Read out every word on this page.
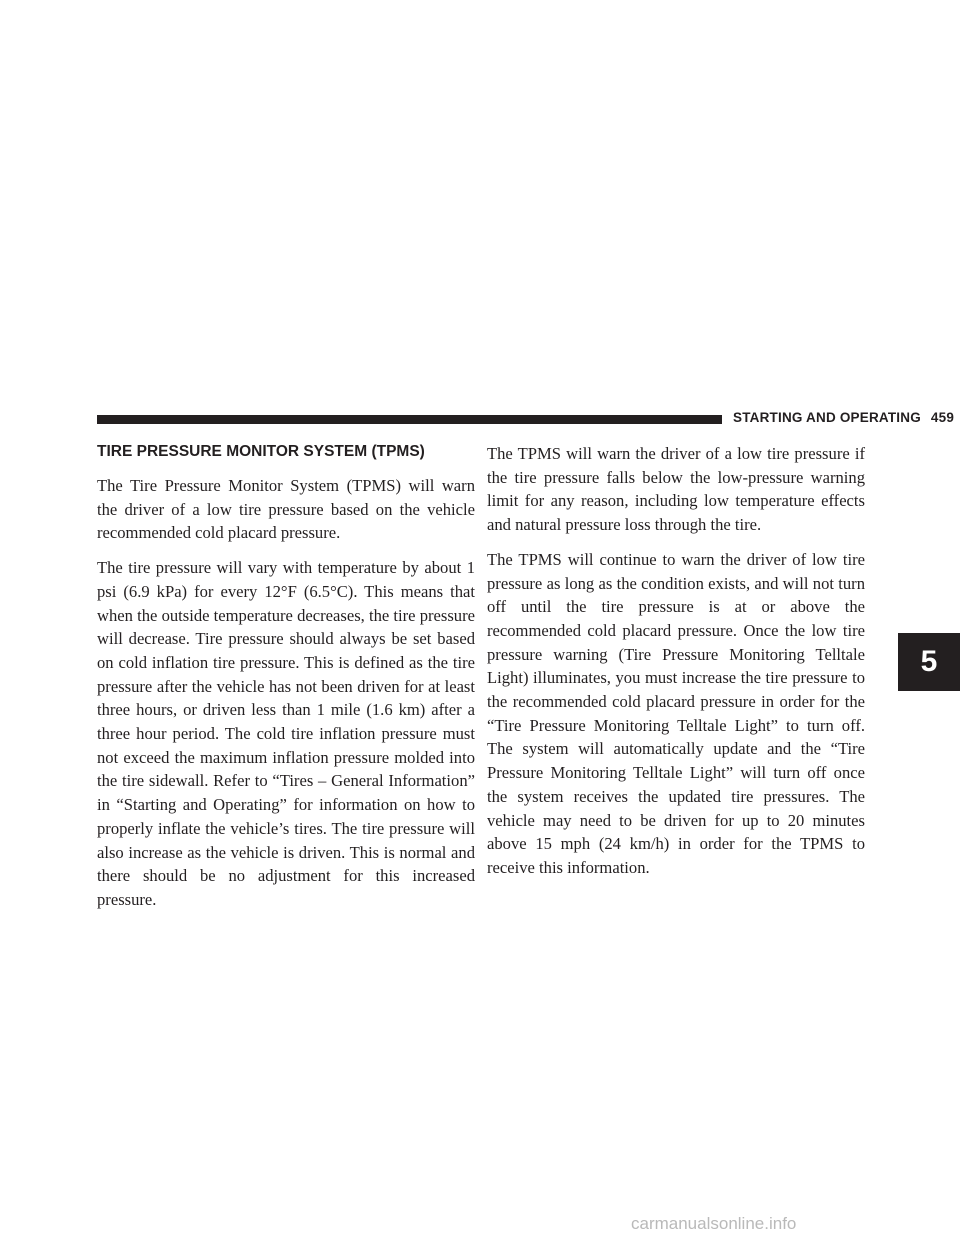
STARTING AND OPERATING 459
TIRE PRESSURE MONITOR SYSTEM (TPMS)

The Tire Pressure Monitor System (TPMS) will warn the driver of a low tire pressure based on the vehicle recommended cold placard pressure.

The tire pressure will vary with temperature by about 1 psi (6.9 kPa) for every 12°F (6.5°C). This means that when the outside temperature decreases, the tire pressure will decrease. Tire pressure should always be set based on cold inflation tire pressure. This is defined as the tire pressure after the vehicle has not been driven for at least three hours, or driven less than 1 mile (1.6 km) after a three hour period. The cold tire inflation pressure must not exceed the maximum inflation pressure molded into the tire sidewall. Refer to “Tires – General Information” in “Starting and Operating” for information on how to properly inflate the vehicle’s tires. The tire pressure will also increase as the vehicle is driven. This is normal and there should be no adjustment for this increased pressure.

The TPMS will warn the driver of a low tire pressure if the tire pressure falls below the low-pressure warning limit for any reason, including low temperature effects and natural pressure loss through the tire.

The TPMS will continue to warn the driver of low tire pressure as long as the condition exists, and will not turn off until the tire pressure is at or above the recommended cold placard pressure. Once the low tire pressure warning (Tire Pressure Monitoring Telltale Light) illuminates, you must increase the tire pressure to the recommended cold placard pressure in order for the “Tire Pressure Monitoring Telltale Light” to turn off. The system will automatically update and the “Tire Pressure Monitoring Telltale Light” will turn off once the system receives the updated tire pressures. The vehicle may need to be driven for up to 20 minutes above 15 mph (24 km/h) in order for the TPMS to receive this information.

5
carmanualsonline.info
